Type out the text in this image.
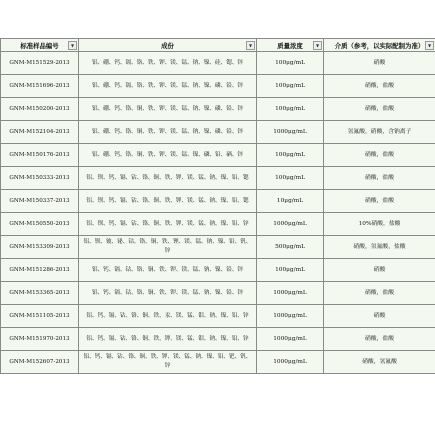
标准样品编号 ▼	成份 ▼	质量浓度 ▼	介质（参考，以实际配制为准） ▼

GNM-M151529-2013	铝、硼、钙、镉、铬、铁、钾、镁、锰、钠、镍、硅、锶、锌	100μg/mL	硝酸
GNM-M151696-2013	铝、硼、钙、镉、铬、铁、钾、镁、锰、钠、镍、磷、铅、锌	100μg/mL	硝酸，盐酸
GNM-M150200-2013	铝、硼、钙、铬、铜、铁、钾、镁、锰、钠、镍、磷、铅、锌	100μg/mL	硝酸，盐酸
GNM-M152104-2013	铝、硼、钙、铬、铜、铁、钾、镁、锰、钠、镍、磷、铅、锌	1000μg/mL	氢氟酸，硝酸，含钠离子
GNM-M150176-2013	铝、硼、钙、铬、铜、铁、钾、镁、锰、镍、磷、铅、硒、锌	100μg/mL	硝酸，盐酸
GNM-M150333-2013	铝、钡、钙、镉、钴、铬、铜、铁、钾、镁、锰、钠、镍、铅、锶	100μg/mL	硝酸，盐酸
GNM-M150337-2013	铝、钡、钙、镉、钴、铬、铜、铁、钾、镁、锰、钠、镍、铅、锶	10μg/mL	硝酸，盐酸
GNM-M150550-2013	铝、钡、钙、镉、钴、铬、铜、铁、钾、镁、锰、钠、镍、铅、锌	1000μg/mL	10%硝酸，盐酸
GNM-M153309-2013	铝、钡、铍、铋、钴、铬、铜、铁、锂、镁、锰、钠、镍、铅、钒、锌	500μg/mL	硝酸，氢氟酸，盐酸
GNM-M151286-2013	铝、钙、镉、钴、铬、铜、铁、钾、镁、锰、钠、镍、铅、锌	100μg/mL	硝酸
GNM-M153365-2013	铝、钙、镉、钴、铬、铜、铁、钾、镁、锰、钠、镍、铅、锌	1000μg/mL	硝酸，盐酸
GNM-M151105-2013	铝、钙、镉、钴、铬、铜、铁、汞、镁、锰、钼、钠、镍、铅、锌	1000μg/mL	硝酸
GNM-M151970-2013	铝、钙、镉、钴、铬、铜、铁、钾、镁、锰、钼、钠、镍、铅、锌	1000μg/mL	硝酸，盐酸
GNM-M152607-2013	铝、钙、镉、钴、铬、铜、铁、钾、镁、锰、钠、镍、铅、钯、钒、锌	1000μg/mL	硝酸，氢氟酸
